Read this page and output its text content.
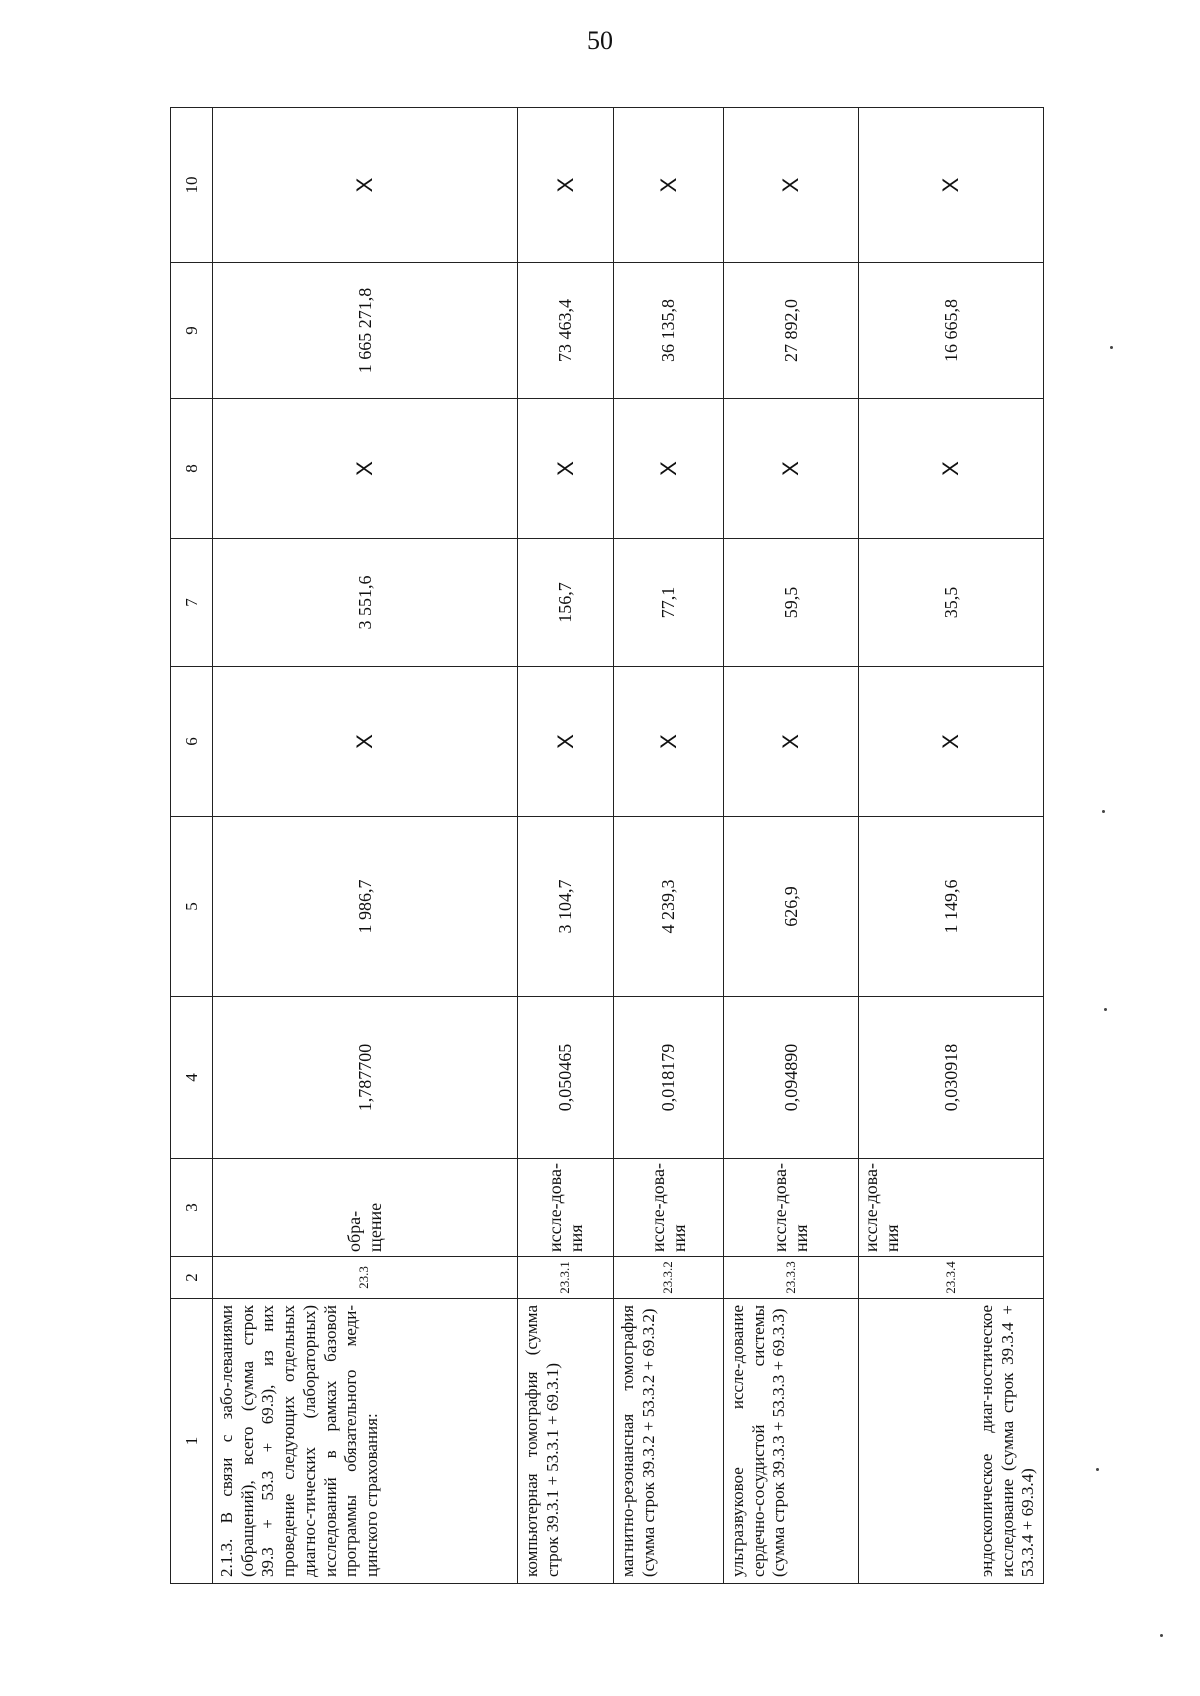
50
1	2	3	4	5	6	7	8	9	10
2.1.3. В связи с забо-леваниями (обращений), всего (сумма строк 39.3 + 53.3 + 69.3), из них проведение следующих отдельных диагнос-тических (лабораторных) исследований в рамках базовой программы обязательного меди-цинского страхования:	23.3	обра-щение	1,787700	1 986,7	X	3 551,6	X	1 665 271,8	X
компьютерная томография (сумма строк 39.3.1 + 53.3.1 + 69.3.1)	23.3.1	иссле-дова-ния	0,050465	3 104,7	X	156,7	X	73 463,4	X
магнитно-резонансная томография (сумма строк 39.3.2 + 53.3.2 + 69.3.2)	23.3.2	иссле-дова-ния	0,018179	4 239,3	X	77,1	X	36 135,8	X
ультразвуковое иссле-дование сердечно-сосудистой системы (сумма строк 39.3.3 + 53.3.3 + 69.3.3)	23.3.3	иссле-дова-ния	0,094890	626,9	X	59,5	X	27 892,0	X
эндоскопическое диаг-ностическое исследование (сумма строк 39.3.4 + 53.3.4 + 69.3.4)	23.3.4	иссле-дова-ния	0,030918	1 149,6	X	35,5	X	16 665,8	X
